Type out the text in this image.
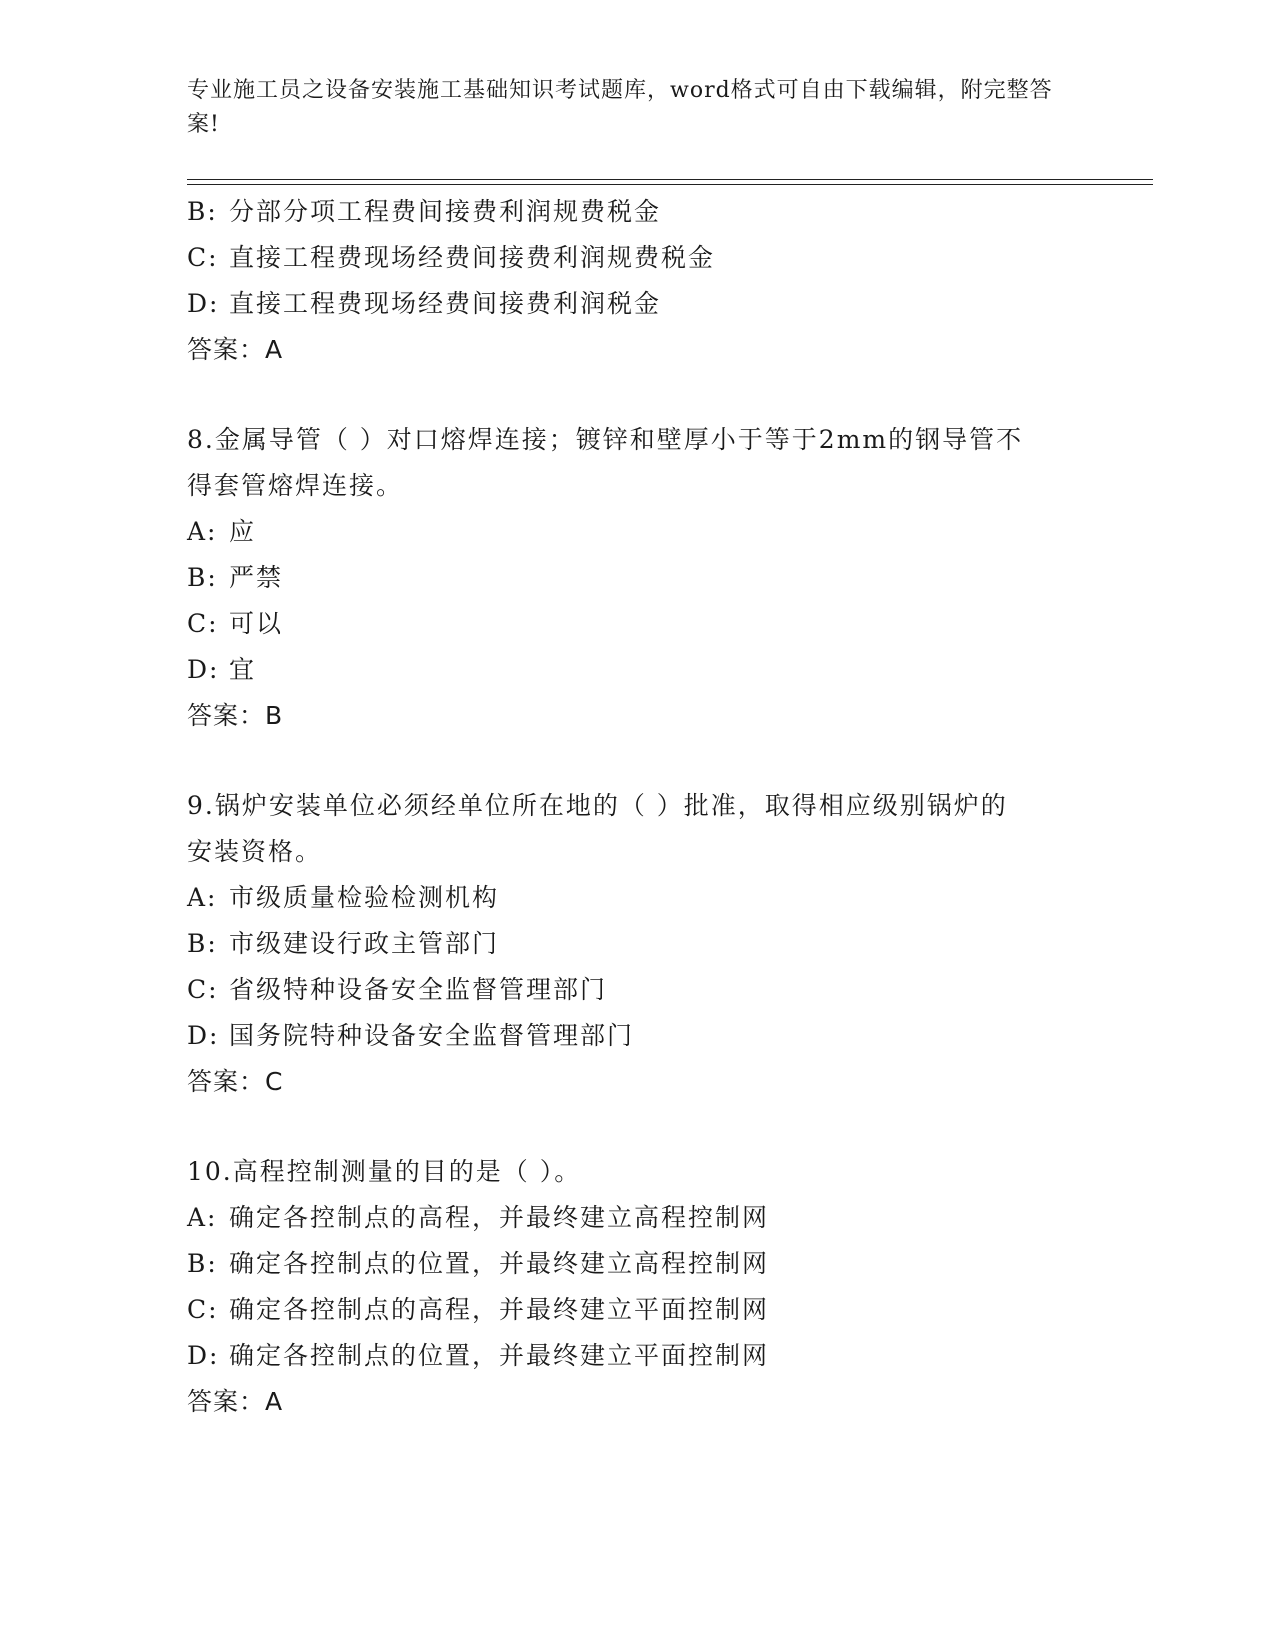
专业施工员之设备安装施工基础知识考试题库，word格式可自由下载编辑，附完整答案!
B: 分部分项工程费间接费利润规费税金
C: 直接工程费现场经费间接费利润规费税金
D: 直接工程费现场经费间接费利润税金
答案：A
8.金属导管（ ）对口熔焊连接；镀锌和壁厚小于等于2mm的钢导管不
得套管熔焊连接。
A: 应
B: 严禁
C: 可以
D: 宜
答案：B
9.锅炉安装单位必须经单位所在地的（ ）批准，取得相应级别锅炉的
安装资格。
A: 市级质量检验检测机构
B: 市级建设行政主管部门
C: 省级特种设备安全监督管理部门
D: 国务院特种设备安全监督管理部门
答案：C
10.高程控制测量的目的是（ ）。
A: 确定各控制点的高程，并最终建立高程控制网
B: 确定各控制点的位置，并最终建立高程控制网
C: 确定各控制点的高程，并最终建立平面控制网
D: 确定各控制点的位置，并最终建立平面控制网
答案：A
